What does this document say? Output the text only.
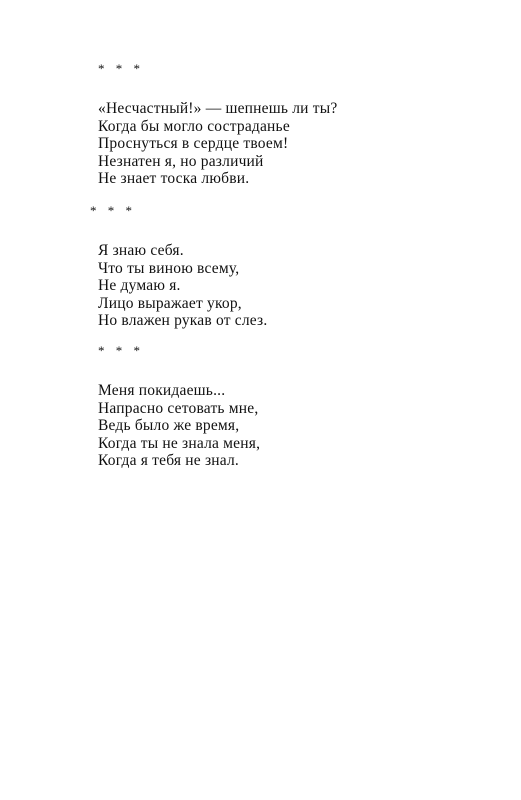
* * *
«Несчастный!» — шепнешь ли ты?
Когда бы могло состраданье
Проснуться в сердце твоем!
Незнатен я, но различий
Не знает тоска любви.
* * *
Я знаю себя.
Что ты виною всему,
Не думаю я.
Лицо выражает укор,
Но влажен рукав от слез.
* * *
Меня покидаешь...
Напрасно сетовать мне,
Ведь было же время,
Когда ты не знала меня,
Когда я тебя не знал.
